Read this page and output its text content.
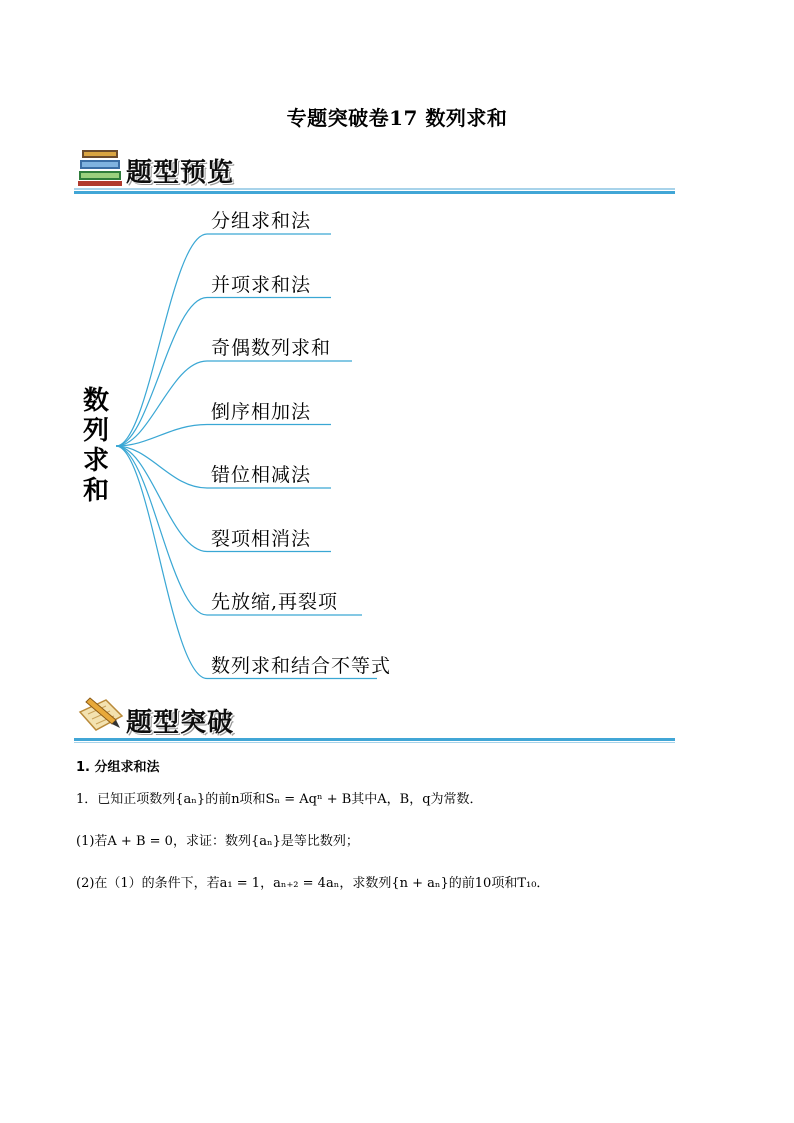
专题突破卷17 数列求和
题型预览
数
列
求
和
分组求和法
并项求和法
奇偶数列求和
倒序相加法
错位相减法
裂项相消法
先放缩,再裂项
数列求和结合不等式
题型突破
1. 分组求和法
1．已知正项数列{aₙ}的前n项和Sₙ = Aqⁿ + B其中A，B，q为常数．
(1)若A + B = 0，求证：数列{aₙ}是等比数列；
(2)在（1）的条件下，若a₁ = 1，aₙ₊₂ = 4aₙ，求数列{n + aₙ}的前10项和T₁₀．
